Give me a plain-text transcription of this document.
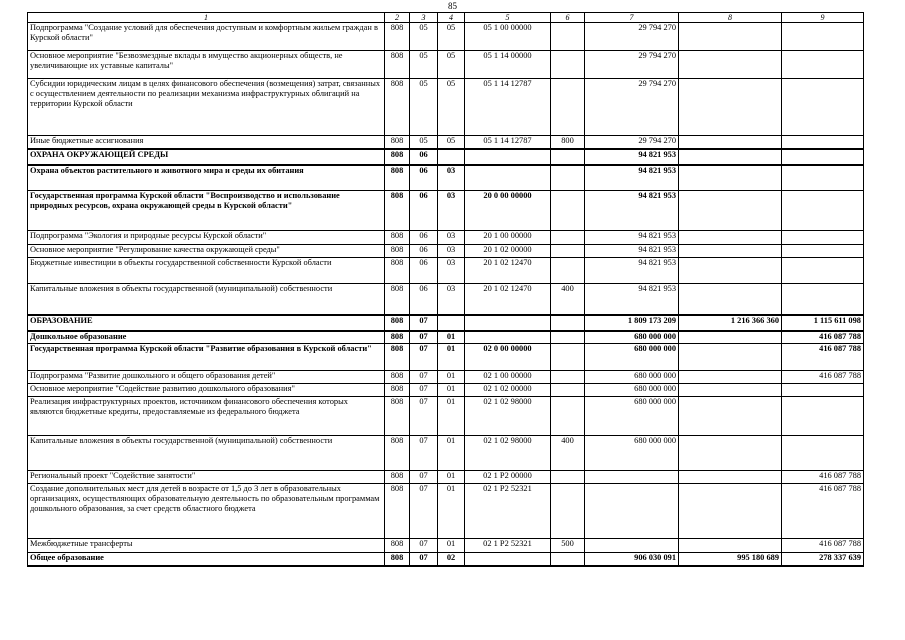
85
1	2	3	4	5	6	7	8	9
Подпрограмма "Создание условий для обеспечения доступным и комфортным жильем граждан в Курской области"	808	05	05	05 1 00 00000		29 794 270		
Основное мероприятие "Безвозмездные вклады в имущество акционерных обществ, не увеличивающие их уставные капиталы"	808	05	05	05 1 14 00000		29 794 270		
Субсидии юридическим лицам в целях финансового обеспечения (возмещения) затрат, связанных с осуществлением деятельности по реализации механизма инфраструктурных облигаций на территории Курской области	808	05	05	05 1 14 12787		29 794 270		
Иные бюджетные ассигнования	808	05	05	05 1 14 12787	800	29 794 270		
ОХРАНА ОКРУЖАЮЩЕЙ СРЕДЫ	808	06				94 821 953		
Охрана объектов растительного и животного мира и среды их обитания	808	06	03			94 821 953		
Государственная программа Курской области "Воспроизводство и использование природных ресурсов, охрана окружающей среды в Курской области"	808	06	03	20 0 00 00000		94 821 953		
Подпрограмма "Экология и природные ресурсы Курской области"	808	06	03	20 1 00 00000		94 821 953		
Основное мероприятие "Регулирование качества окружающей среды"	808	06	03	20 1 02 00000		94 821 953		
Бюджетные инвестиции в объекты государственной собственности Курской области	808	06	03	20 1 02 12470		94 821 953		
Капитальные вложения в объекты государственной (муниципальной) собственности	808	06	03	20 1 02 12470	400	94 821 953		
ОБРАЗОВАНИЕ	808	07				1 809 173 209	1 216 366 360	1 115 611 098
Дошкольное образование	808	07	01			680 000 000		416 087 788
Государственная программа Курской области "Развитие образования в Курской области"	808	07	01	02 0 00 00000		680 000 000		416 087 788
Подпрограмма "Развитие дошкольного и общего образования детей"	808	07	01	02 1 00 00000		680 000 000		416 087 788
Основное мероприятие "Содействие развитию дошкольного образования"	808	07	01	02 1 02 00000		680 000 000		
Реализация инфраструктурных проектов, источником финансового обеспечения которых являются бюджетные кредиты, предоставляемые из федерального бюджета	808	07	01	02 1 02 98000		680 000 000		
Капитальные вложения в объекты государственной (муниципальной) собственности	808	07	01	02 1 02 98000	400	680 000 000		
Региональный проект "Содействие занятости"	808	07	01	02 1 P2 00000				416 087 788
Создание дополнительных мест для детей в возрасте от 1,5 до 3 лет в образовательных организациях, осуществляющих образовательную деятельность по образовательным программам дошкольного образования, за счет средств областного бюджета	808	07	01	02 1 P2 52321				416 087 788
Межбюджетные трансферты	808	07	01	02 1 P2 52321	500			416 087 788
Общее образование	808	07	02			906 030 091	995 180 689	278 337 639
